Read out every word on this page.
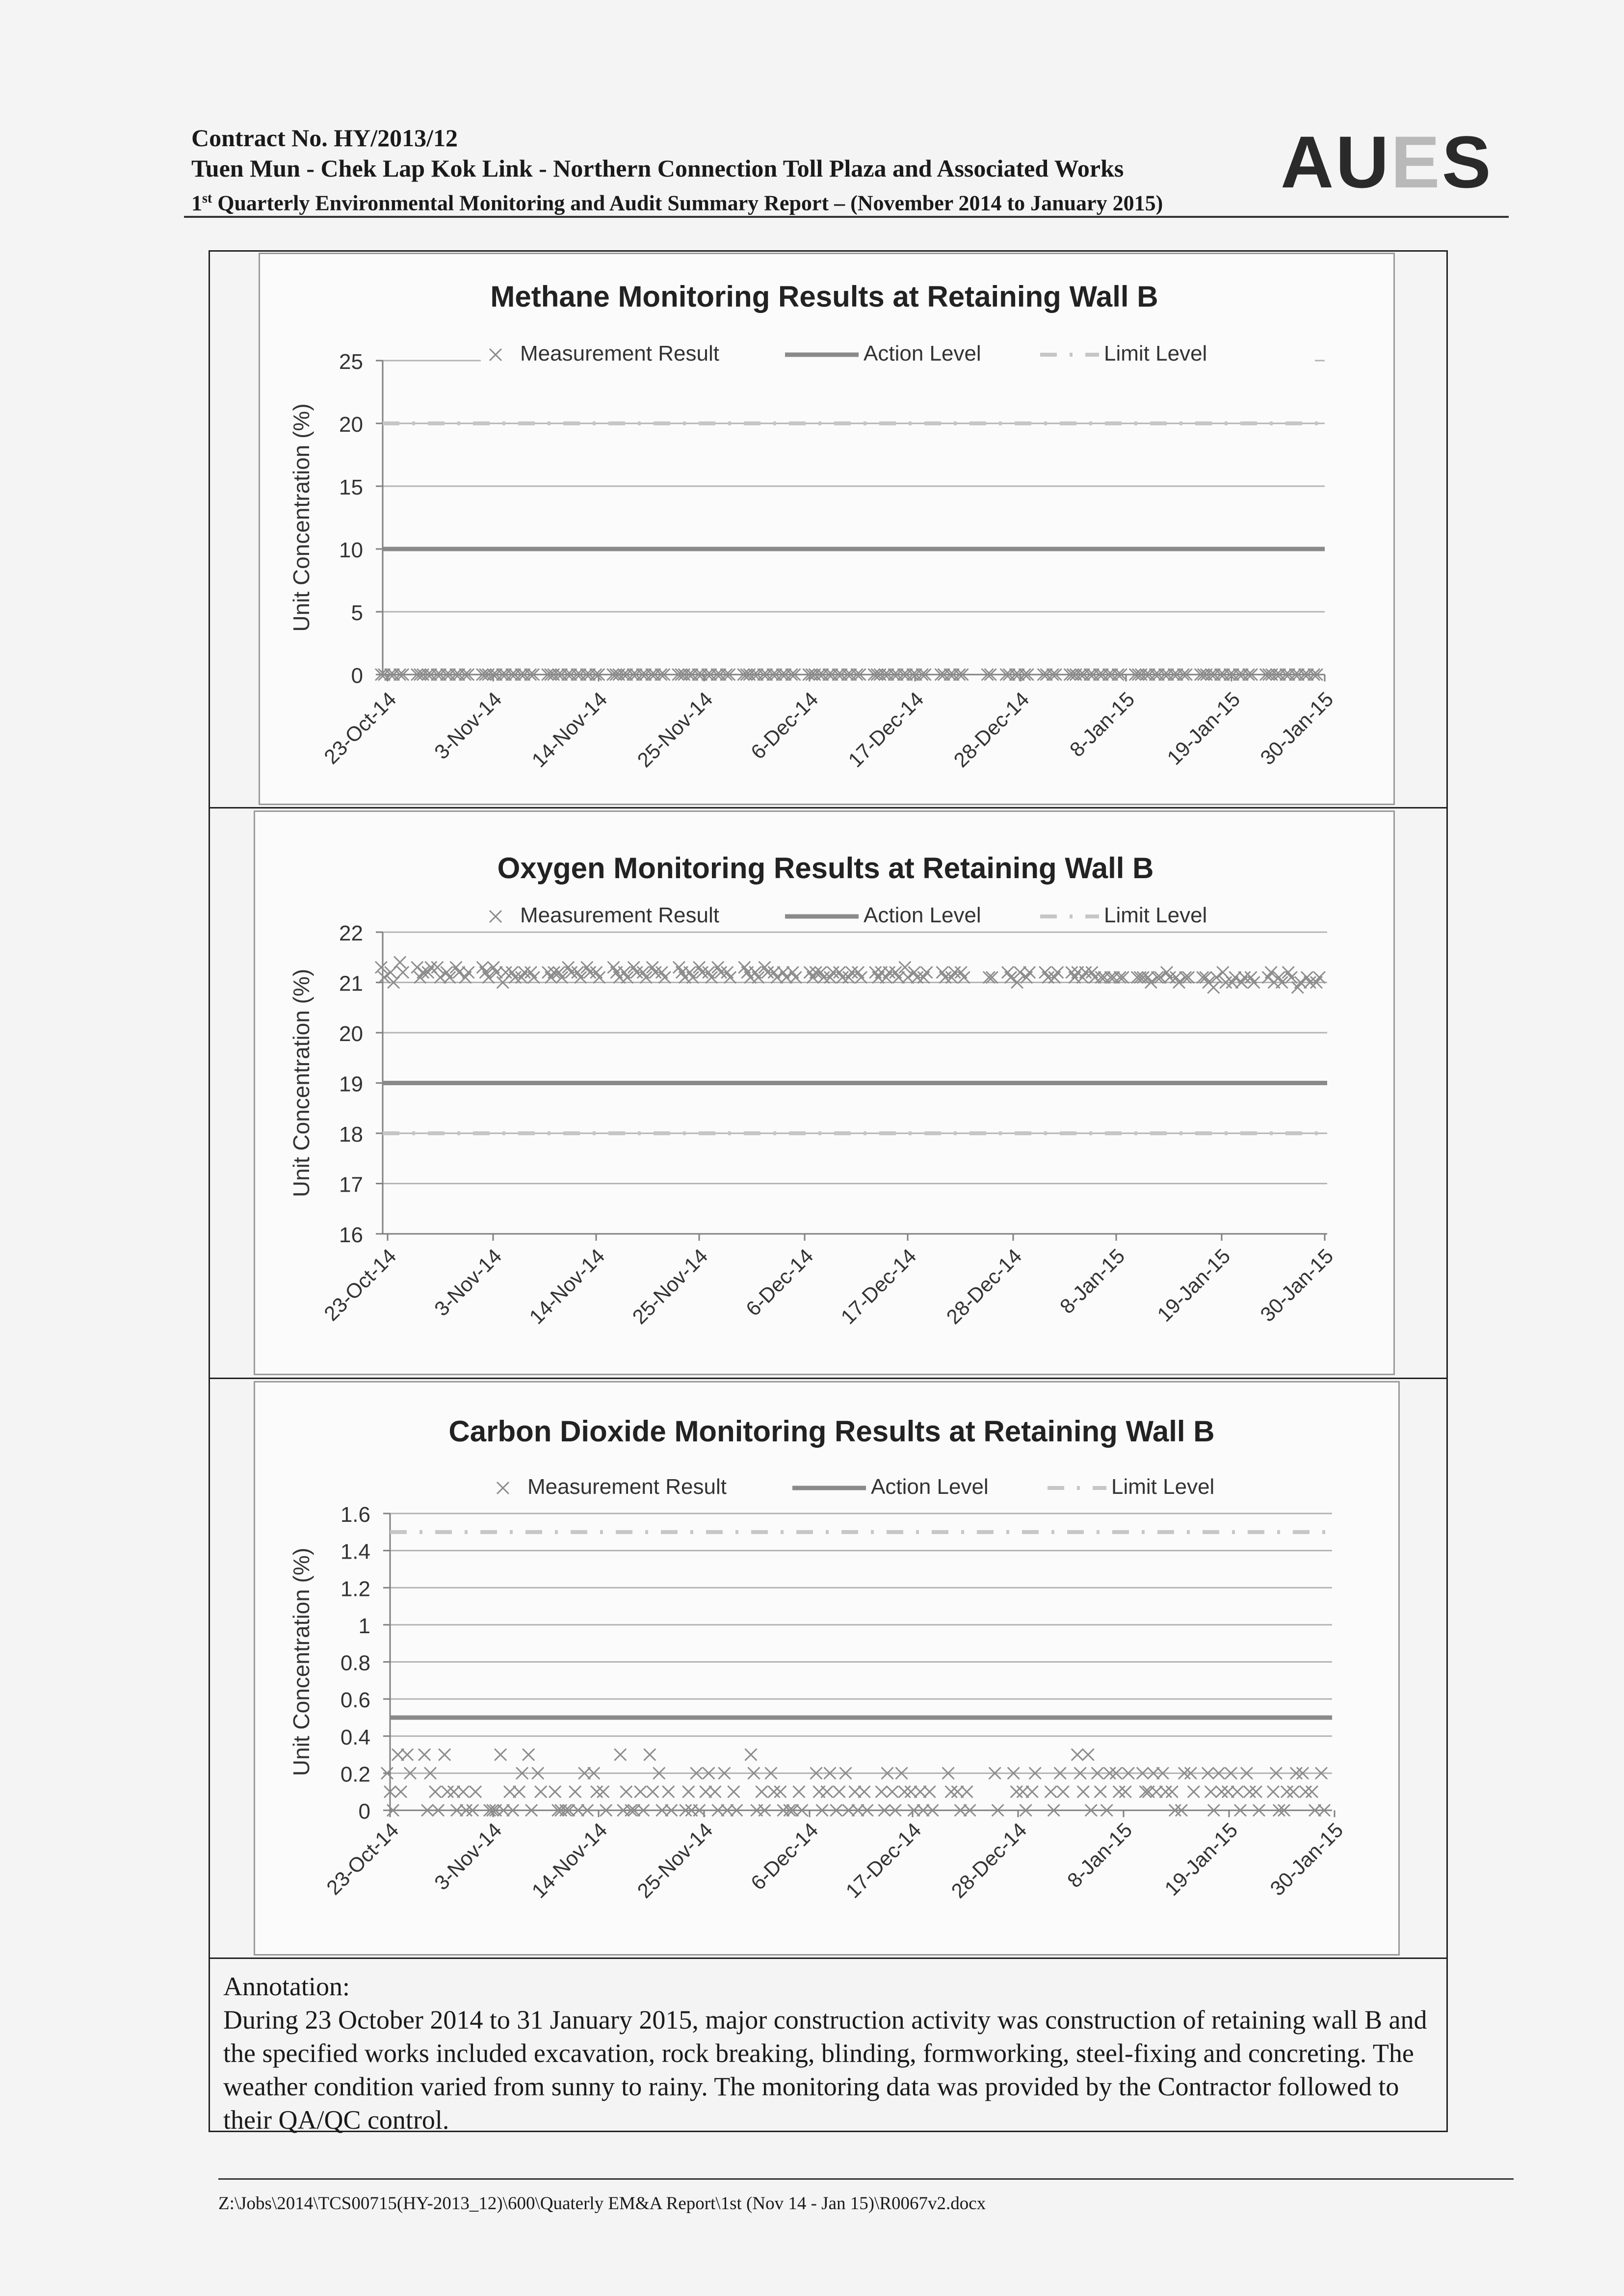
Contract No. HY/2013/12
Tuen Mun - Chek Lap Kok Link - Northern Connection Toll Plaza and Associated Works
1st Quarterly Environmental Monitoring and Audit Summary Report – (November 2014 to January 2015)
AUES
Methane Monitoring Results at Retaining Wall B
0
5
10
15
20
25
Unit Concentration (%)
23-Oct-14 3-Nov-14 14-Nov-14 25-Nov-14 6-Dec-14 17-Dec-14 28-Dec-14 8-Jan-15 19-Jan-15 30-Jan-15
Measurement Result	Action Level	Limit Level
Oxygen Monitoring Results at Retaining Wall B
16
17
18
19
20
21
22
Unit Concentration (%)
23-Oct-14 3-Nov-14 14-Nov-14 25-Nov-14 6-Dec-14 17-Dec-14 28-Dec-14 8-Jan-15 19-Jan-15 30-Jan-15
Measurement Result	Action Level	Limit Level
Carbon Dioxide Monitoring Results at Retaining Wall B
0
0.2
0.4
0.6
0.8
1
1.2
1.4
1.6
Unit Concentration (%)
23-Oct-14 3-Nov-14 14-Nov-14 25-Nov-14 6-Dec-14 17-Dec-14 28-Dec-14 8-Jan-15 19-Jan-15 30-Jan-15
Measurement Result	Action Level	Limit Level
Annotation:
During 23 October 2014 to 31 January 2015, major construction activity was construction of retaining wall B and the specified works included excavation, rock breaking, blinding, formworking, steel-fixing and concreting. The weather condition varied from sunny to rainy. The monitoring data was provided by the Contractor followed to their QA/QC control.
Z:\Jobs\2014\TCS00715(HY-2013_12)\600\Quaterly EM&A Report\1st (Nov 14 - Jan 15)\R0067v2.docx
